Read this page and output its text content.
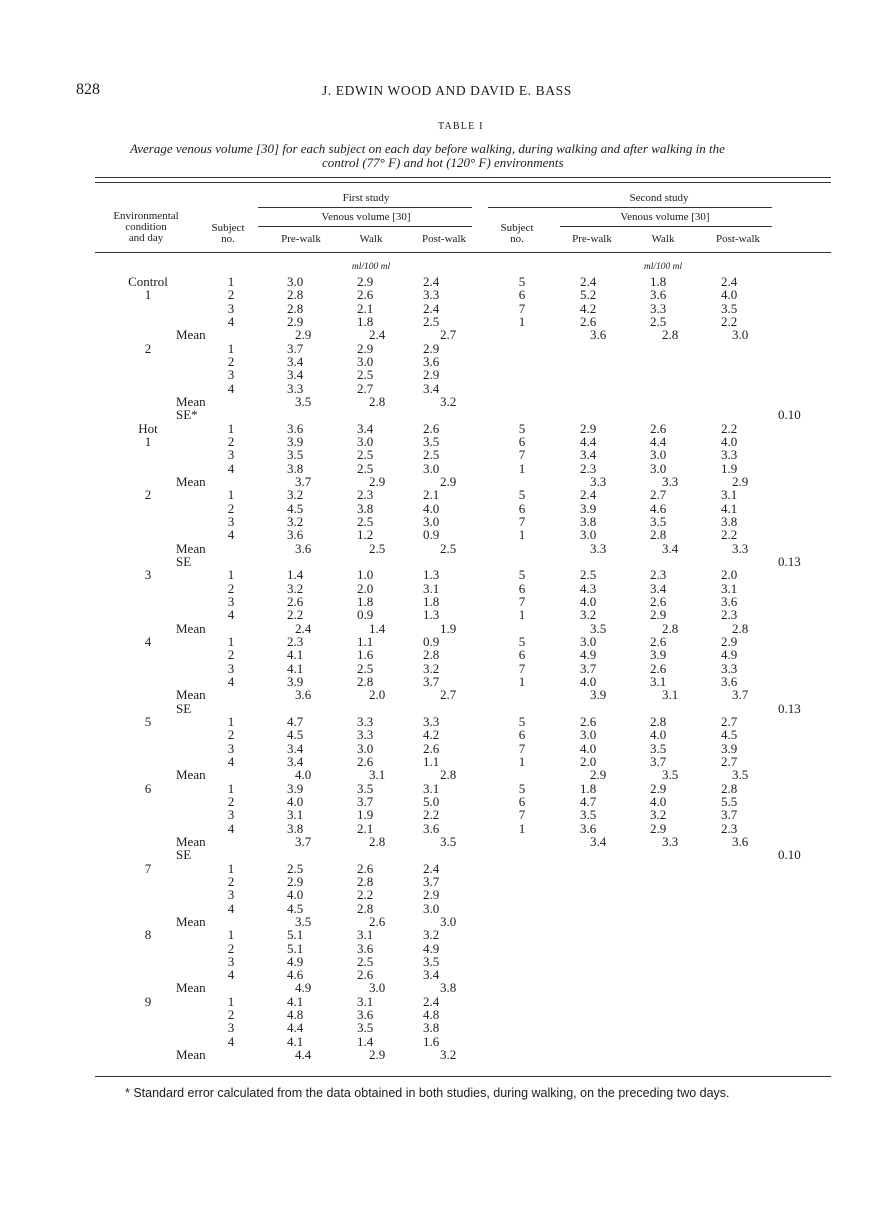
828	J. EDWIN WOOD AND DAVID E. BASS
TABLE I
Average venous volume [30] for each subject on each day before walking, during walking and after walking in the
control (77° F) and hot (120° F) environments
Environmental
condition
and day
Subject
no.
First study
Venous volume [30]
Pre-walk	Walk	Post-walk
Subject
no.
Second study
Venous volume [30]
Pre-walk	Walk	Post-walk
ml/100 ml	ml/100 ml
Control	1	3.0	2.9	2.4	5	2.4	1.8	2.4
1	2	2.8	2.6	3.3	6	5.2	3.6	4.0
3	2.8	2.1	2.4	7	4.2	3.3	3.5
4	2.9	1.8	2.5	1	2.6	2.5	2.2
Mean	2.9	2.4	2.7	3.6	2.8	3.0
2	1	3.7	2.9	2.9
2	3.4	3.0	3.6
3	3.4	2.5	2.9
4	3.3	2.7	3.4
Mean	3.5	2.8	3.2
SE*	0.10
Hot	1	3.6	3.4	2.6	5	2.9	2.6	2.2
1	2	3.9	3.0	3.5	6	4.4	4.4	4.0
3	3.5	2.5	2.5	7	3.4	3.0	3.3
4	3.8	2.5	3.0	1	2.3	3.0	1.9
Mean	3.7	2.9	2.9	3.3	3.3	2.9
2	1	3.2	2.3	2.1	5	2.4	2.7	3.1
2	4.5	3.8	4.0	6	3.9	4.6	4.1
3	3.2	2.5	3.0	7	3.8	3.5	3.8
4	3.6	1.2	0.9	1	3.0	2.8	2.2
Mean	3.6	2.5	2.5	3.3	3.4	3.3
SE	0.13
3	1	1.4	1.0	1.3	5	2.5	2.3	2.0
2	3.2	2.0	3.1	6	4.3	3.4	3.1
3	2.6	1.8	1.8	7	4.0	2.6	3.6
4	2.2	0.9	1.3	1	3.2	2.9	2.3
Mean	2.4	1.4	1.9	3.5	2.8	2.8
4	1	2.3	1.1	0.9	5	3.0	2.6	2.9
2	4.1	1.6	2.8	6	4.9	3.9	4.9
3	4.1	2.5	3.2	7	3.7	2.6	3.3
4	3.9	2.8	3.7	1	4.0	3.1	3.6
Mean	3.6	2.0	2.7	3.9	3.1	3.7
SE	0.13
5	1	4.7	3.3	3.3	5	2.6	2.8	2.7
2	4.5	3.3	4.2	6	3.0	4.0	4.5
3	3.4	3.0	2.6	7	4.0	3.5	3.9
4	3.4	2.6	1.1	1	2.0	3.7	2.7
Mean	4.0	3.1	2.8	2.9	3.5	3.5
6	1	3.9	3.5	3.1	5	1.8	2.9	2.8
2	4.0	3.7	5.0	6	4.7	4.0	5.5
3	3.1	1.9	2.2	7	3.5	3.2	3.7
4	3.8	2.1	3.6	1	3.6	2.9	2.3
Mean	3.7	2.8	3.5	3.4	3.3	3.6
SE	0.10
7	1	2.5	2.6	2.4
2	2.9	2.8	3.7
3	4.0	2.2	2.9
4	4.5	2.8	3.0
Mean	3.5	2.6	3.0
8	1	5.1	3.1	3.2
2	5.1	3.6	4.9
3	4.9	2.5	3.5
4	4.6	2.6	3.4
Mean	4.9	3.0	3.8
9	1	4.1	3.1	2.4
2	4.8	3.6	4.8
3	4.4	3.5	3.8
4	4.1	1.4	1.6
Mean	4.4	2.9	3.2
* Standard error calculated from the data obtained in both studies, during walking, on the preceding two days.
